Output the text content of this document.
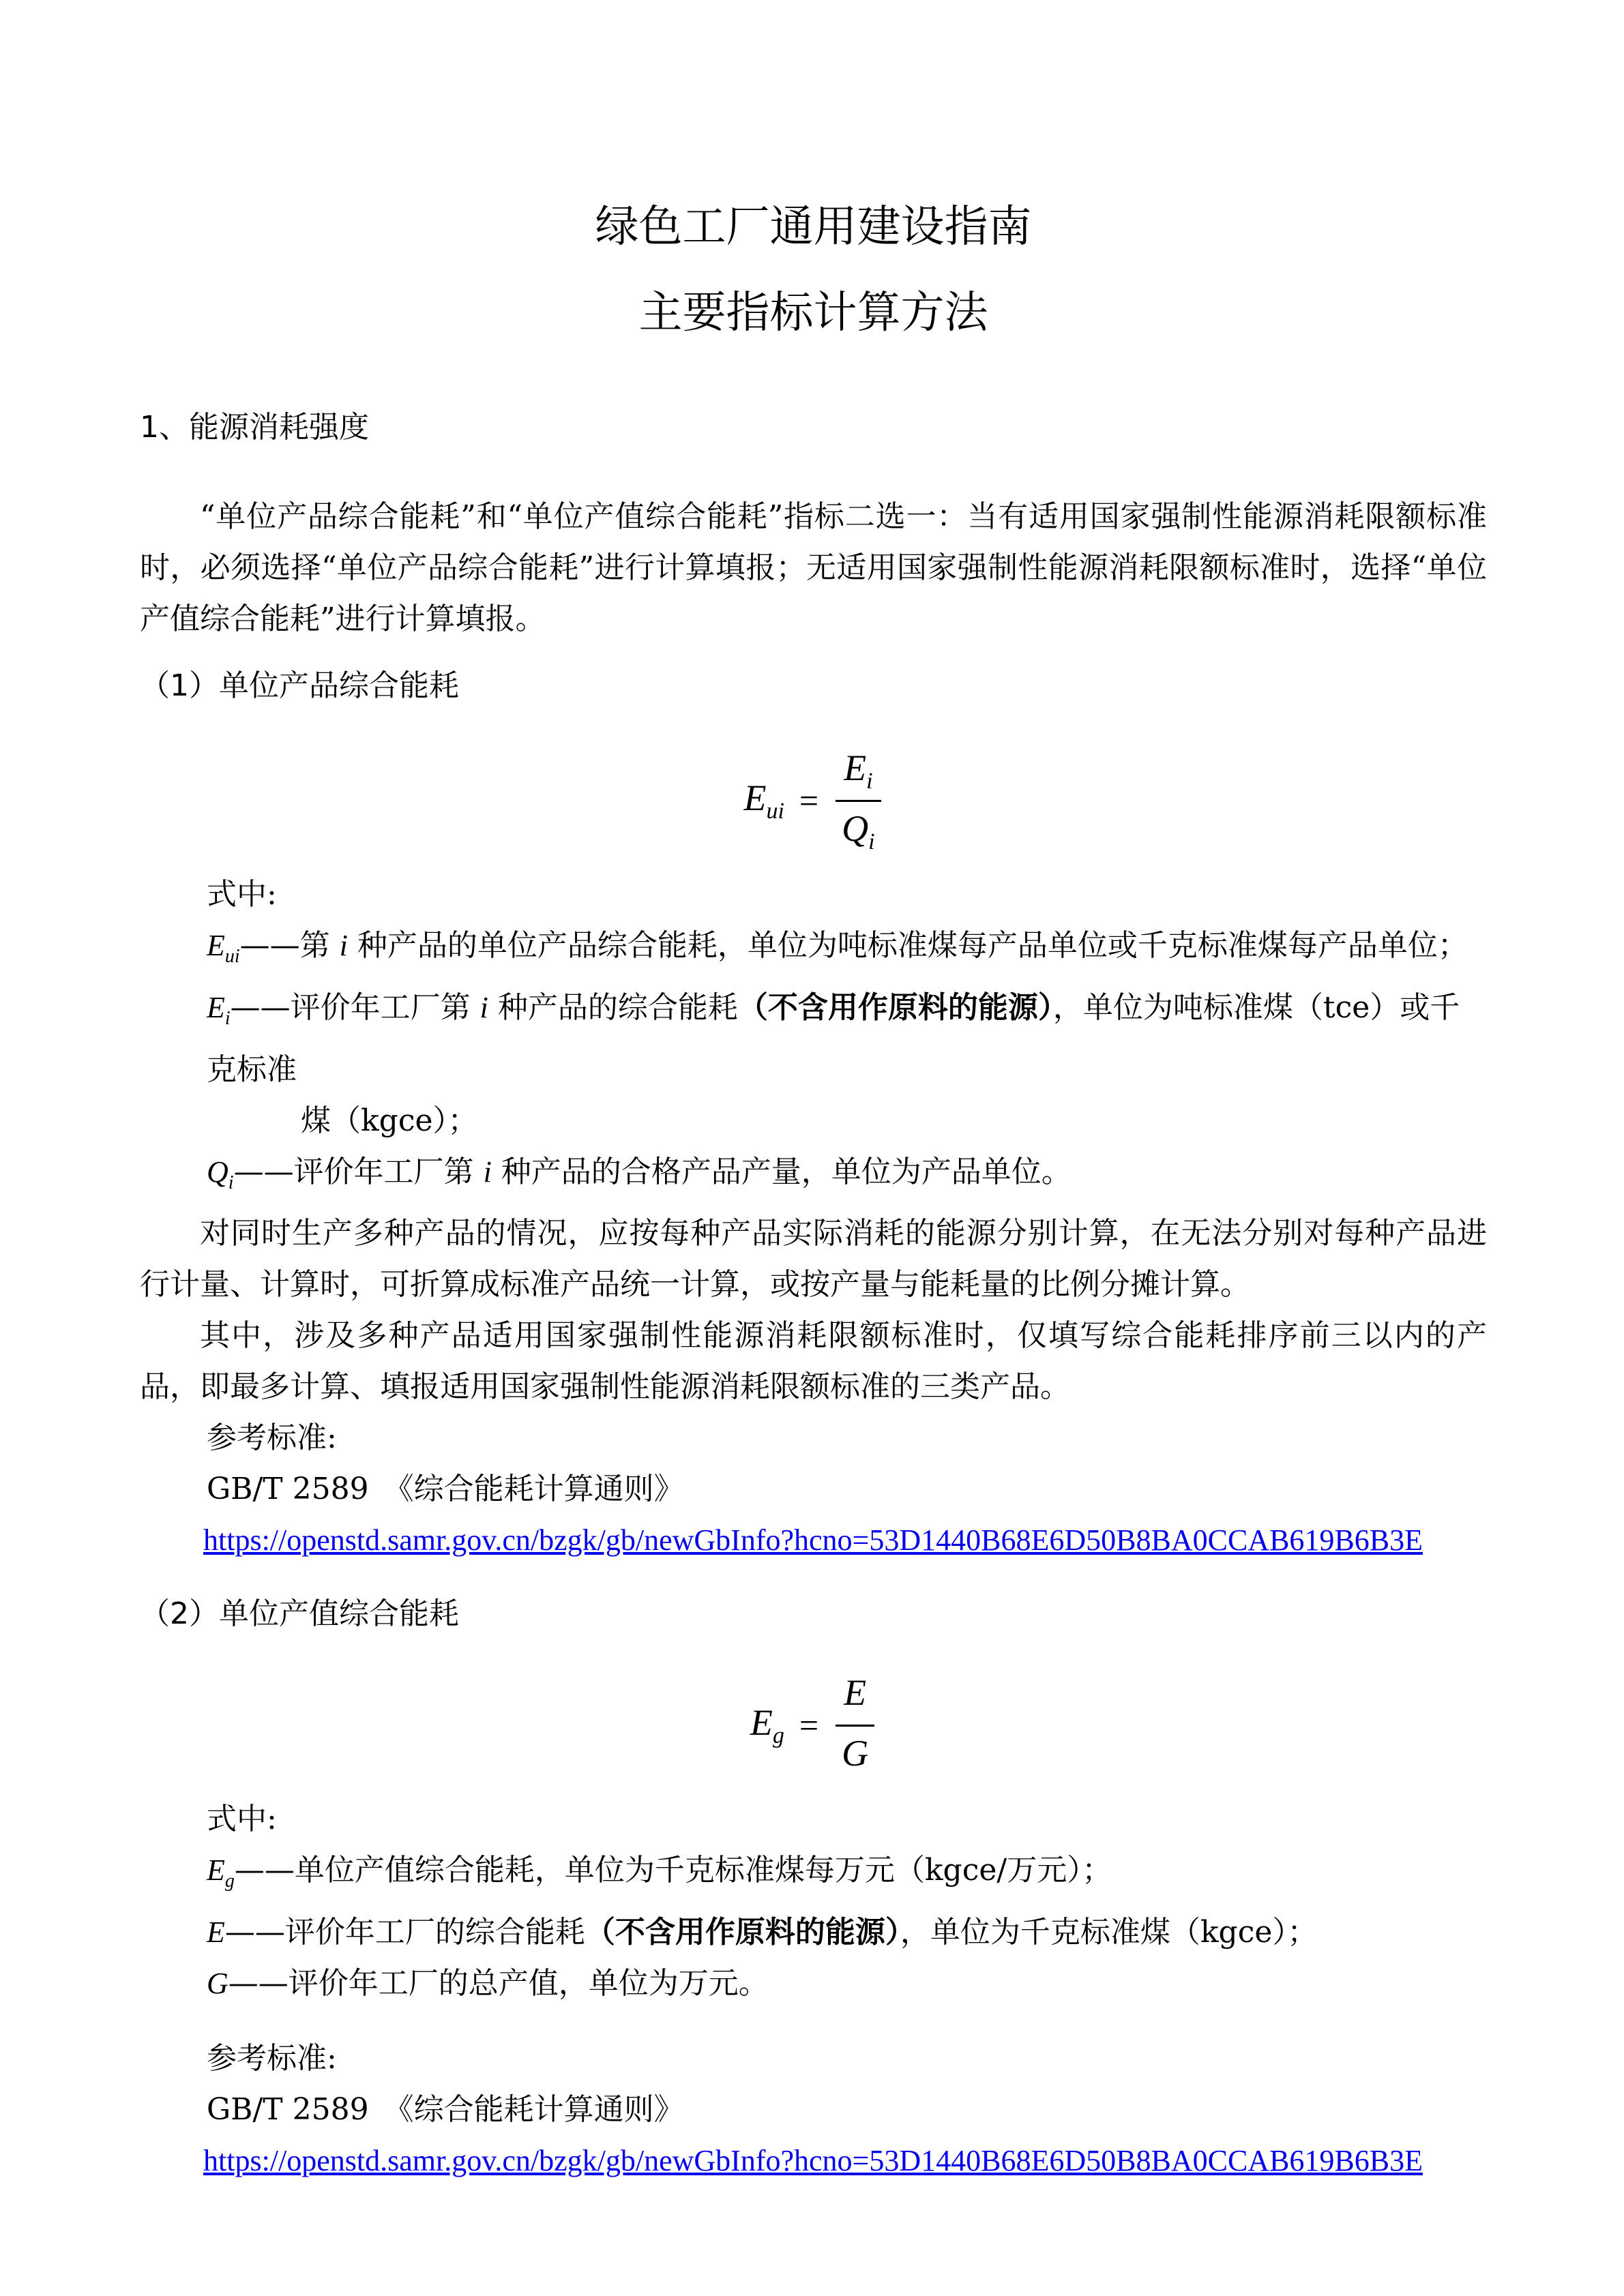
绿色工厂通用建设指南
主要指标计算方法
1、能源消耗强度

“单位产品综合能耗”和“单位产值综合能耗”指标二选一：当有适用国家强制性能源消耗限额标准时，必须选择“单位产品综合能耗”进行计算填报；无适用国家强制性能源消耗限额标准时，选择“单位产值综合能耗”进行计算填报。

（1）单位产品综合能耗
$E_{ui} = \frac{E_i}{Q_i}$
式中:
$E_{ui}——$第 i 种产品的单位产品综合能耗，单位为吨标准煤每产品单位或千克标准煤每产品单位；
$E_i——$评价年工厂第 i 种产品的综合能耗（不含用作原料的能源），单位为吨标准煤（tce）或千克标准
煤（kgce）；
$Q_i——$评价年工厂第 i 种产品的合格产品产量，单位为产品单位。

对同时生产多种产品的情况，应按每种产品实际消耗的能源分别计算，在无法分别对每种产品进行计量、计算时，可折算成标准产品统一计算，或按产量与能耗量的比例分摊计算。

其中，涉及多种产品适用国家强制性能源消耗限额标准时，仅填写综合能耗排序前三以内的产品，即最多计算、填报适用国家强制性能源消耗限额标准的三类产品。

参考标准:
GB/T 2589　《综合能耗计算通则》
https://openstd.samr.gov.cn/bzgk/gb/newGbInfo?hcno=53D1440B68E6D50B8BA0CCAB619B6B3E
（2）单位产值综合能耗
$E_g = \frac{E}{G}$
式中:
$E_g——$单位产值综合能耗，单位为千克标准煤每万元（kgce/万元）；
E——评价年工厂的综合能耗（不含用作原料的能源），单位为千克标准煤（kgce）；
G——评价年工厂的总产值，单位为万元。
参考标准:
GB/T 2589　《综合能耗计算通则》
https://openstd.samr.gov.cn/bzgk/gb/newGbInfo?hcno=53D1440B68E6D50B8BA0CCAB619B6B3E
